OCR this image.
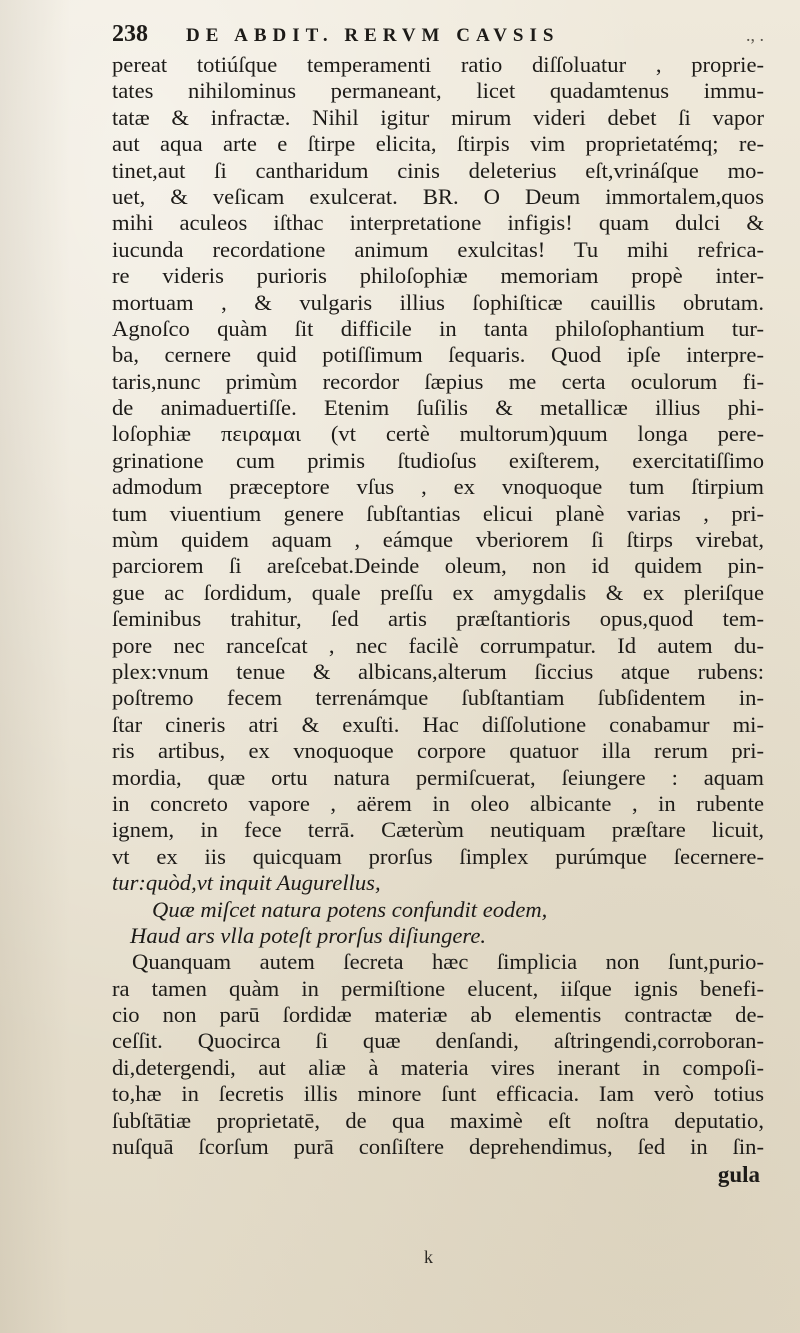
238 DE ABDIT. RERVM CAVSIS	., .
pereat totiúſque temperamenti ratio diſſoluatur , proprie-
tates nihilominus permaneant, licet quadamtenus immu-
tatæ & infractæ. Nihil igitur mirum videri debet ſi vapor
aut aqua arte e ſtirpe elicita, ſtirpis vim proprietatémq; re-
tinet,aut ſi cantharidum cinis deleterius eſt,vrináſque mo-
uet, & veſicam exulcerat. BR. O Deum immortalem,quos
mihi aculeos iſthac interpretatione infigis! quam dulci &
iucunda recordatione animum exulcitas! Tu mihi refrica-
re videris purioris philoſophiæ memoriam propè inter-
mortuam , & vulgaris illius ſophiſticæ cauillis obrutam.
Agnoſco quàm ſit difficile in tanta philoſophantium tur-
ba, cernere quid potiſſimum ſequaris. Quod ipſe interpre-
taris,nunc primùm recordor ſæpius me certa oculorum fi-
de animaduertiſſe. Etenim ſuſilis & metallicæ illius phi-
loſophiæ πειραμαι (vt certè multorum)quum longa pere-
grinatione cum primis ſtudioſus exiſterem, exercitatiſſimo
admodum præceptore vſus , ex vnoquoque tum ſtirpium
tum viuentium genere ſubſtantias elicui planè varias , pri-
mùm quidem aquam , eámque vberiorem ſi ſtirps virebat,
parciorem ſi areſcebat.Deinde oleum, non id quidem pin-
gue ac ſordidum, quale preſſu ex amygdalis & ex pleriſque
ſeminibus trahitur, ſed artis præſtantioris opus,quod tem-
pore nec ranceſcat , nec facilè corrumpatur. Id autem du-
plex:vnum tenue & albicans,alterum ſiccius atque rubens:
poſtremo fecem terrenámque ſubſtantiam ſubſidentem in-
ſtar cineris atri & exuſti. Hac diſſolutione conabamur mi-
ris artibus, ex vnoquoque corpore quatuor illa rerum pri-
mordia, quæ ortu natura permiſcuerat, ſeiungere : aquam
in concreto vapore , aërem in oleo albicante , in rubente
ignem, in fece terrā. Cæterùm neutiquam præſtare licuit,
vt ex iis quicquam prorſus ſimplex purúmque ſecernere-
tur:quòd,vt inquit Augurellus,
Quæ miſcet natura potens confundit eodem,
Haud ars vlla poteſt prorſus diſiungere.
Quanquam autem ſecreta hæc ſimplicia non ſunt,purio-
ra tamen quàm in permiſtione elucent, iiſque ignis benefi-
cio non parū ſordidæ materiæ ab elementis contractæ de-
ceſſit. Quocirca ſi quæ denſandi, aſtringendi,corroboran-
di,detergendi, aut aliæ à materia vires inerant in compoſi-
to,hæ in ſecretis illis minore ſunt efficacia. Iam verò totius
ſubſtātiæ proprietatē, de qua maximè eſt noſtra deputatio,
nuſquā ſcorſum purā conſiſtere deprehendimus, ſed in ſin-
gula
k
